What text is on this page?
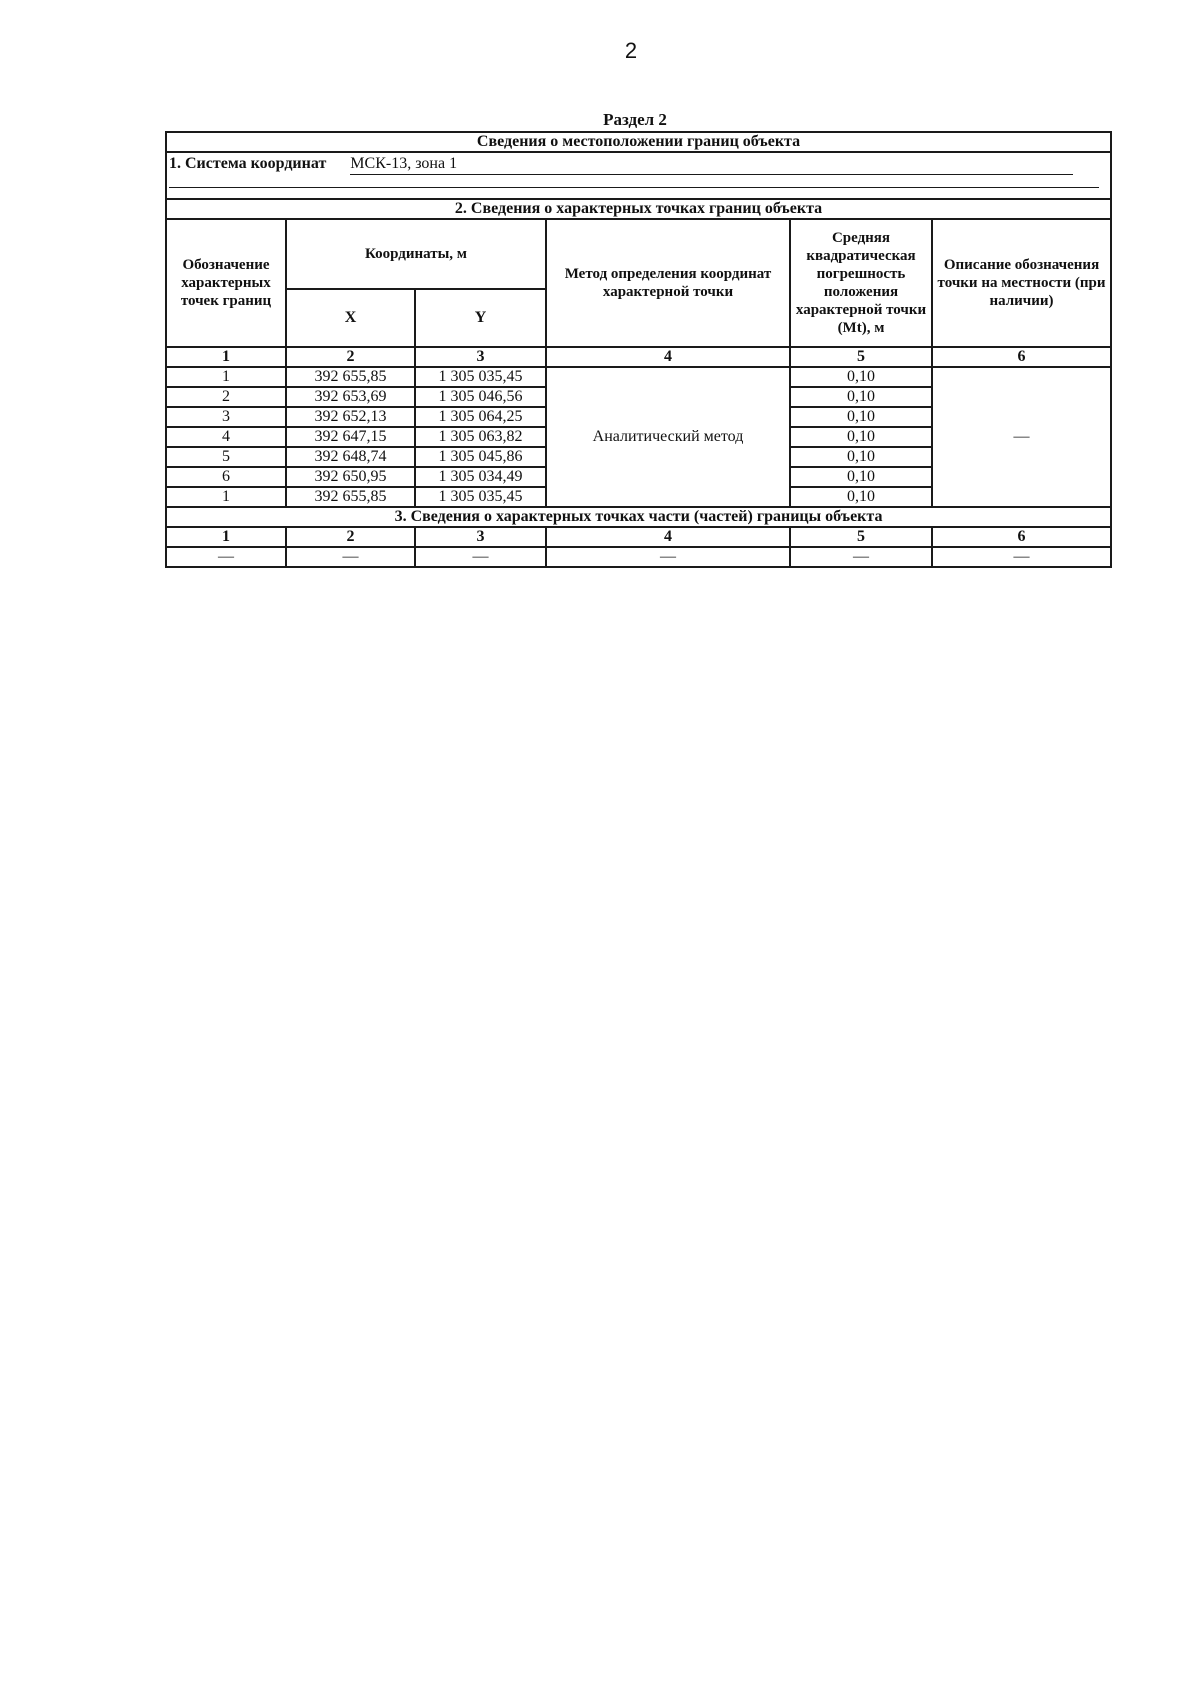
2
Раздел 2
Сведения о местоположении границ объекта					
1. Система координат МСК-13, зона 1					

2. Сведения о характерных точках границ объекта					
Обозначение характерных точек границ	Координаты, м		Метод определения координат характерной точки	Средняя квадратическая погрешность положения характерной точки (Mt), м	Описание обозначения точки на местности (при наличии)
	X	Y			
1	2	3	4	5	6
1	392 655,85	1 305 035,45	Аналитический метод	0,10	—
2	392 653,69	1 305 046,56		0,10	
3	392 652,13	1 305 064,25		0,10	
4	392 647,15	1 305 063,82		0,10	
5	392 648,74	1 305 045,86		0,10	
6	392 650,95	1 305 034,49		0,10	
1	392 655,85	1 305 035,45		0,10	
3. Сведения о характерных точках части (частей) границы объекта					
1	2	3	4	5	6
—	—	—	—	—	—
